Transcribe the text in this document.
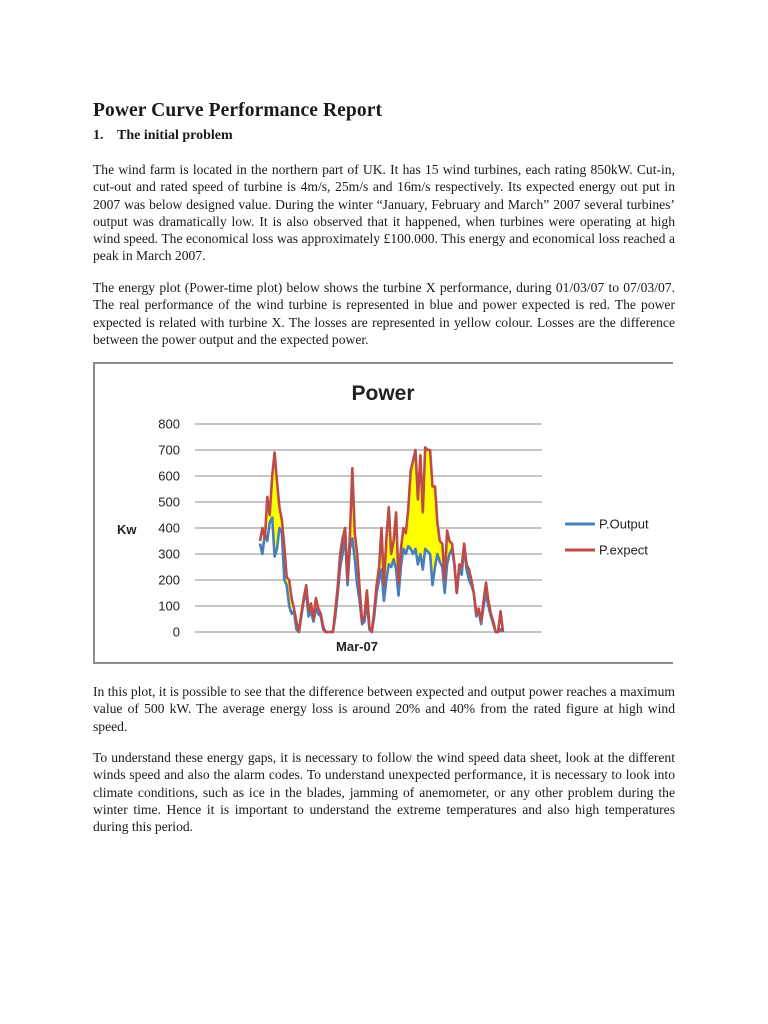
Power Curve Performance Report
1. The initial problem

The wind farm is located in the northern part of UK. It has 15 wind turbines, each rating 850kW. Cut-in, cut-out and rated speed of turbine is 4m/s, 25m/s and 16m/s respectively. Its expected energy out put in 2007 was below designed value. During the winter “January, February and March” 2007 several turbines’ output was dramatically low. It is also observed that it happened, when turbines were operating at high wind speed. The economical loss was approximately £100.000. This energy and economical loss reached a peak in March 2007.

The energy plot (Power-time plot) below shows the turbine X performance, during 01/03/07 to 07/03/07. The real performance of the wind turbine is represented in blue and power expected is red. The power expected is related with turbine X. The losses are represented in yellow colour. Losses are the difference between the power output and the expected power.

0
100
200
300
400
500
600
700
800
Power
Kw
Mar-07
P.Output
P.expect

In this plot, it is possible to see that the difference between expected and output power reaches a maximum value of 500 kW. The average energy loss is around 20% and 40% from the rated figure at high wind speed.

To understand these energy gaps, it is necessary to follow the wind speed data sheet, look at the different winds speed and also the alarm codes. To understand unexpected performance, it is necessary to look into climate conditions, such as ice in the blades, jamming of anemometer, or any other problem during the winter time. Hence it is important to understand the extreme temperatures and also high temperatures during this period.
